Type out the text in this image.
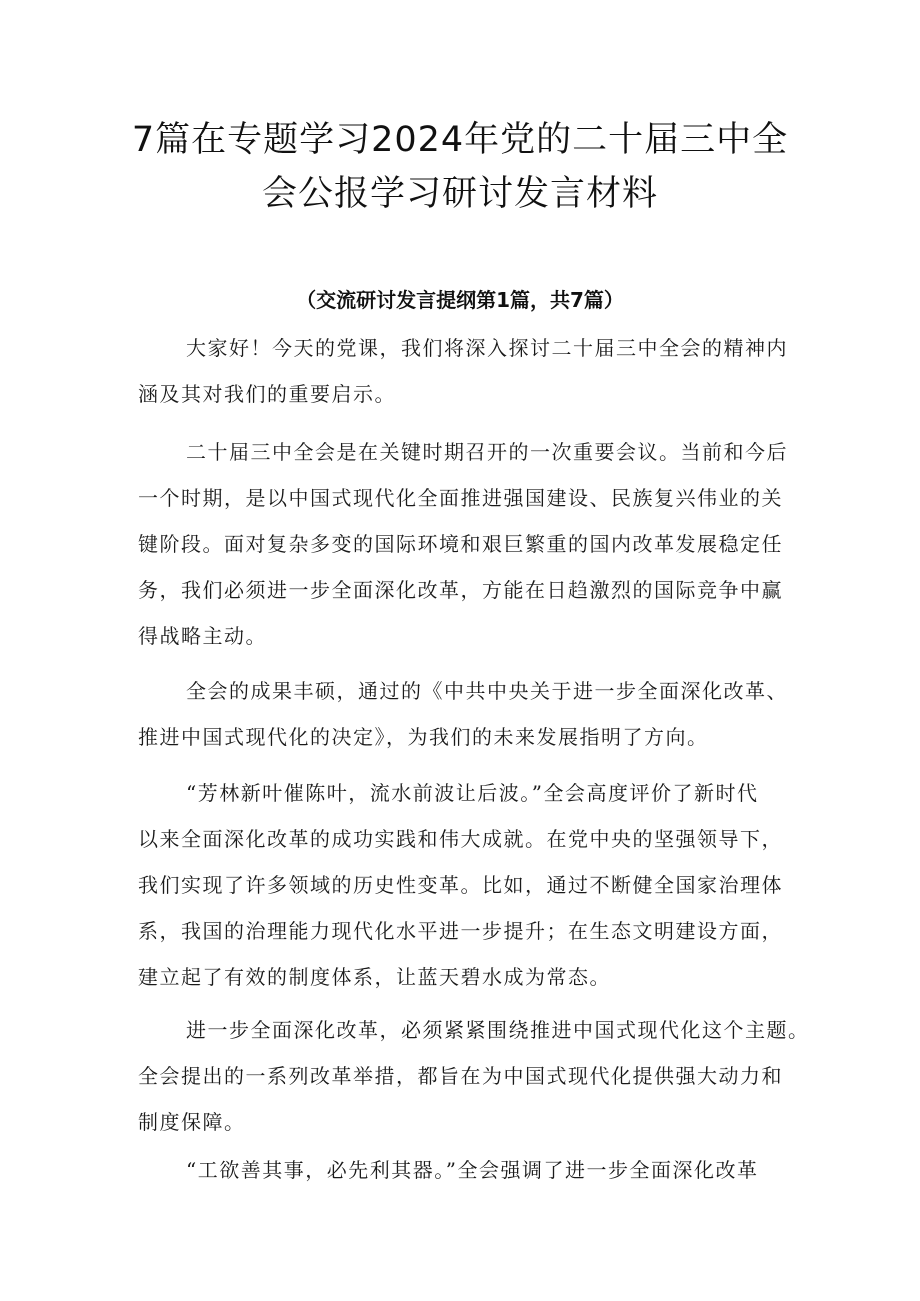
7篇在专题学习2024年党的二十届三中全
会公报学习研讨发言材料

（交流研讨发言提纲第1篇，共7篇）

大家好！今天的党课，我们将深入探讨二十届三中全会的精神内
涵及其对我们的重要启示。
二十届三中全会是在关键时期召开的一次重要会议。当前和今后
一个时期，是以中国式现代化全面推进强国建设、民族复兴伟业的关
键阶段。面对复杂多变的国际环境和艰巨繁重的国内改革发展稳定任
务，我们必须进一步全面深化改革，方能在日趋激烈的国际竞争中赢
得战略主动。
全会的成果丰硕，通过的《中共中央关于进一步全面深化改革、
推进中国式现代化的决定》，为我们的未来发展指明了方向。
“芳林新叶催陈叶，流水前波让后波。”全会高度评价了新时代
以来全面深化改革的成功实践和伟大成就。在党中央的坚强领导下，
我们实现了许多领域的历史性变革。比如，通过不断健全国家治理体
系，我国的治理能力现代化水平进一步提升；在生态文明建设方面，
建立起了有效的制度体系，让蓝天碧水成为常态。
进一步全面深化改革，必须紧紧围绕推进中国式现代化这个主题。
全会提出的一系列改革举措，都旨在为中国式现代化提供强大动力和
制度保障。
“工欲善其事，必先利其器。”全会强调了进一步全面深化改革
